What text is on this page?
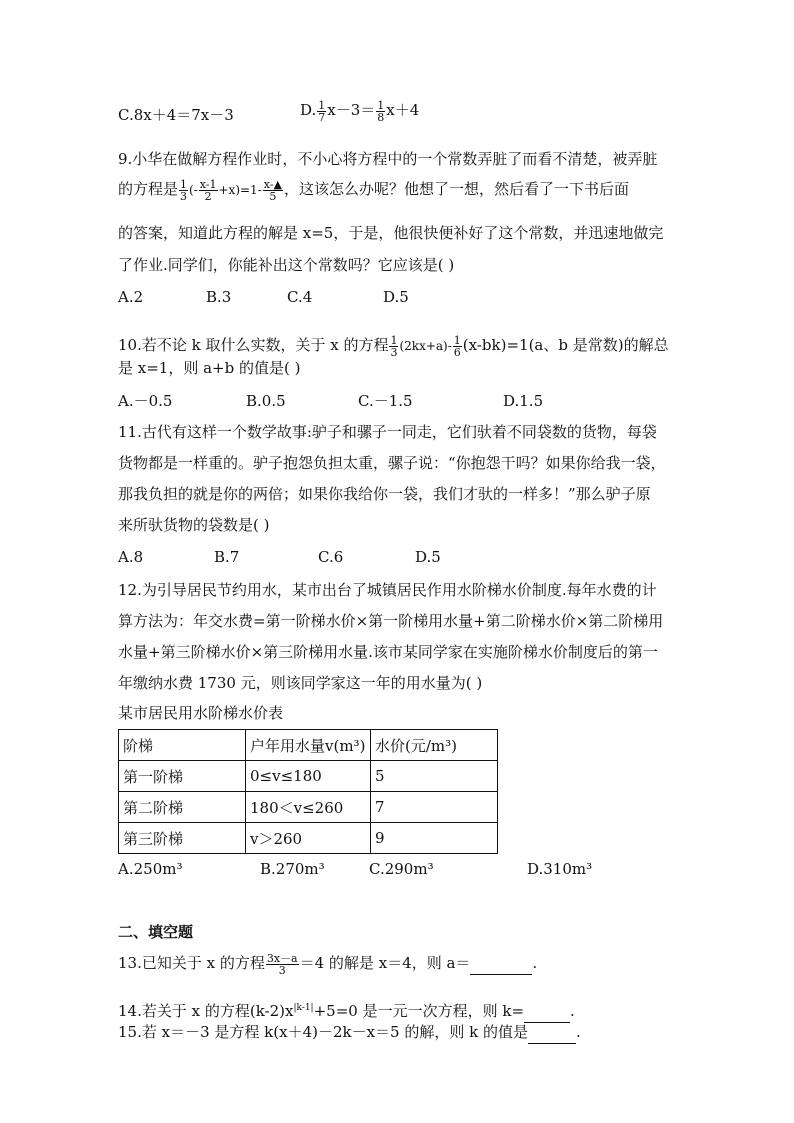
C.8x＋4＝7x－3	D. $\frac{1}{7} x-3= \frac{1}{8} x+4$
9.小华在做解方程作业时，不小心将方程中的一个常数弄脏了而看不清楚，被弄脏
的方程是 $\frac{1}{3}$ (- $\frac{x-1}{2} +x)=1- \frac{x-▲}{5}$ ，这该怎么办呢？他想了一想，然后看了一下书后面
的答案，知道此方程的解是 x=5，于是，他很快便补好了这个常数，并迅速地做完
了作业.同学们，你能补出这个常数吗？它应该是( )
A.2	B.3	C.4	D.5
10.若不论 k 取什么实数，关于 x 的方程 $\frac{1}{3} (2kx+a)- \frac{1}{6} (x-bk)=1(a$、b 是常数)的解总
是 x=1，则 a+b 的值是( )
A.－0.5	B.0.5	C.－1.5	D.1.5
11.古代有这样一个数学故事:驴子和骡子一同走，它们驮着不同袋数的货物，每袋
货物都是一样重的。驴子抱怨负担太重，骡子说：“你抱怨干吗？如果你给我一袋，
那我负担的就是你的两倍；如果你我给你一袋，我们才驮的一样多！”那么驴子原
来所驮货物的袋数是( )
A.8	B.7	C.6	D.5
12.为引导居民节约用水，某市出台了城镇居民作用水阶梯水价制度.每年水费的计
算方法为：年交水费=第一阶梯水价×第一阶梯用水量+第二阶梯水价×第二阶梯用
水量+第三阶梯水价×第三阶梯用水量.该市某同学家在实施阶梯水价制度后的第一
年缴纳水费 1730 元，则该同学家这一年的用水量为( )
某市居民用水阶梯水价表
阶梯	户年用水量v(m³)	水价(元/m³)
第一阶梯	0≤v≤180	5
第二阶梯	180＜v≤260	7
第三阶梯	v＞260	9
A.250m³	B.270m³	C.290m³	D.310m³
二、填空题
13.已知关于 x 的方程 $\frac{3x-a}{3} =4$ 的解是 x＝4，则 a＝	.
14.若关于 x 的方程$(k-2)x^{|k-1|}+5=0$ 是一元一次方程，则 k=	.
15.若 x＝－3 是方程 k(x＋4)－2k－x＝5 的解，则 k 的值是	.
